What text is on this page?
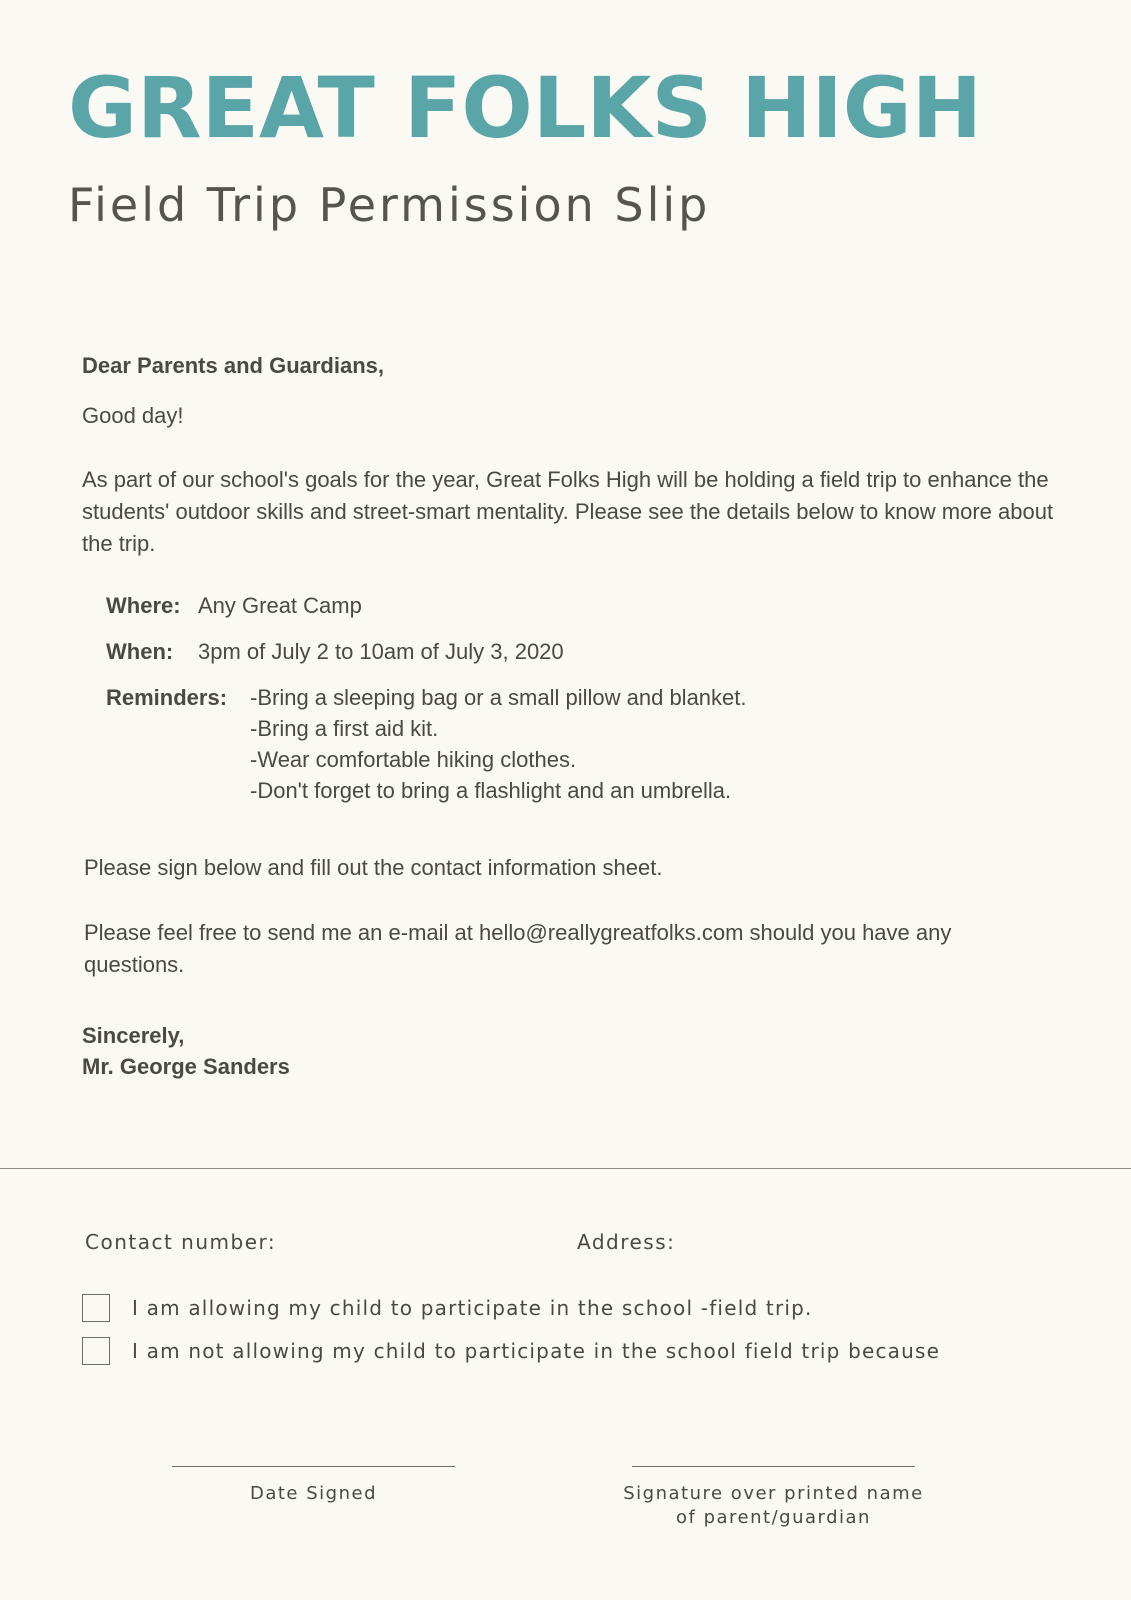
GREAT FOLKS HIGH
Field Trip Permission Slip

Dear Parents and Guardians,

Good day!

As part of our school's goals for the year, Great Folks High will be holding a field trip to enhance the students' outdoor skills and street-smart mentality. Please see the details below to know more about the trip.

Where: Any Great Camp
When:	3pm of July 2 to 10am of July 3, 2020
Reminders:	-Bring a sleeping bag or a small pillow and blanket.
-Bring a first aid kit.
-Wear comfortable hiking clothes.
-Don't forget to bring a flashlight and an umbrella.

Please sign below and fill out the contact information sheet.

Please feel free to send me an e-mail at hello@reallygreatfolks.com should you have any questions.

Sincerely,
Mr. George Sanders
Contact number:	Address:
I am allowing my child to participate in the school -field trip.
I am not allowing my child to participate in the school field trip because
Date Signed	Signature over printed name
of parent/guardian
